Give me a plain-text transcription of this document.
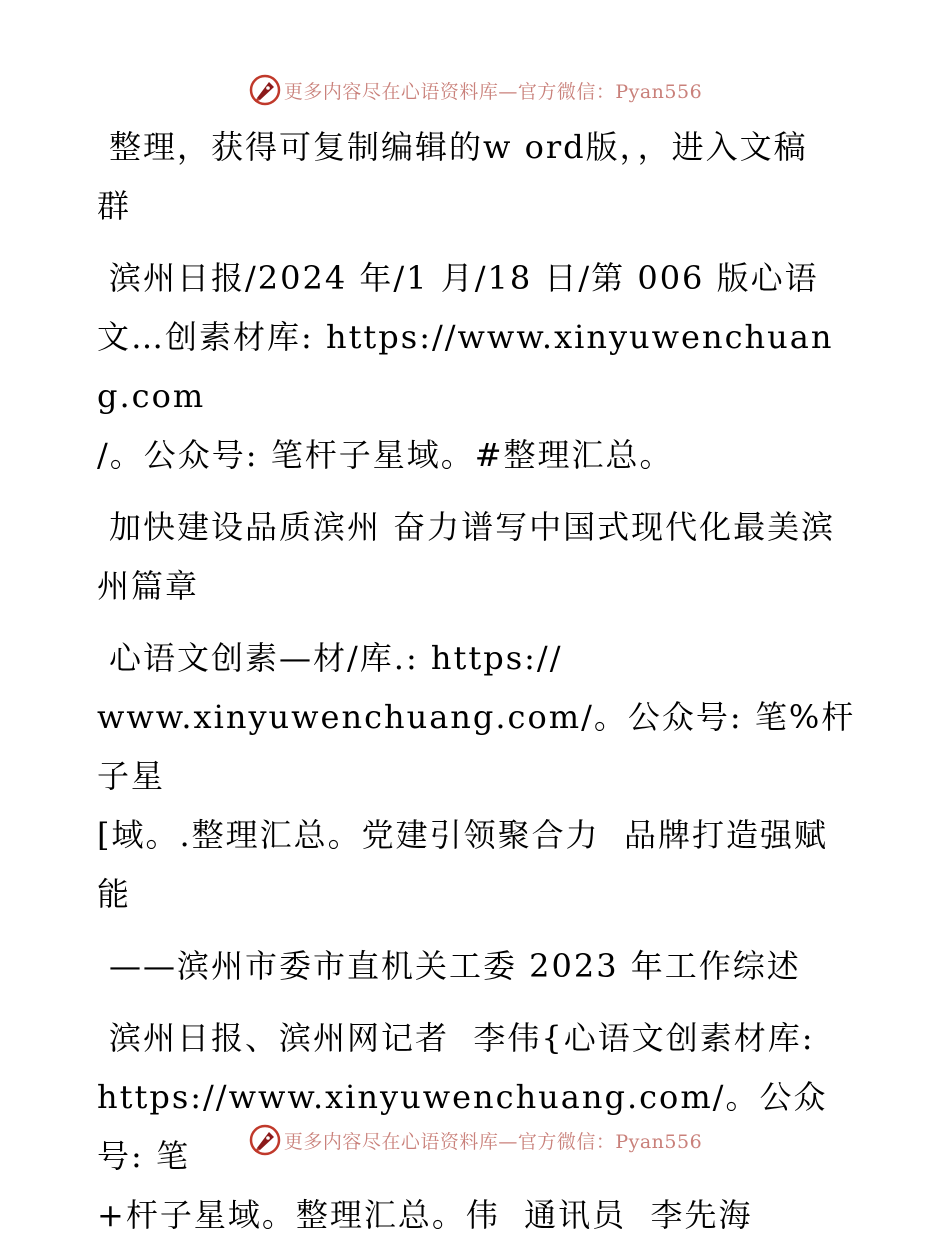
更多内容尽在心语资料库—官方微信：Pyan556

整理，获得可复制编辑的w ord版，，进入文稿
群

滨州日报/2024 年/1 月/18 日/第 006 版心语
文…创素材库: https://www.xinyuwenchuang.com
/。公众号: 笔杆子星域。#整理汇总。

加快建设品质滨州 奋力谱写中国式现代化最美滨
州篇章

心语文创素—材/库.: https://
www.xinyuwenchuang.com/。公众号: 笔%杆子星
[域。.整理汇总。党建引领聚合力  品牌打造强赋
能

——滨州市委市直机关工委 2023 年工作综述

滨州日报、滨州网记者  李伟{心语文创素材库:
https://www.xinyuwenchuang.com/。公众号: 笔
+杆子星域。整理汇总。伟  通讯员  李先海

更多内容尽在心语资料库—官方微信：Pyan556
